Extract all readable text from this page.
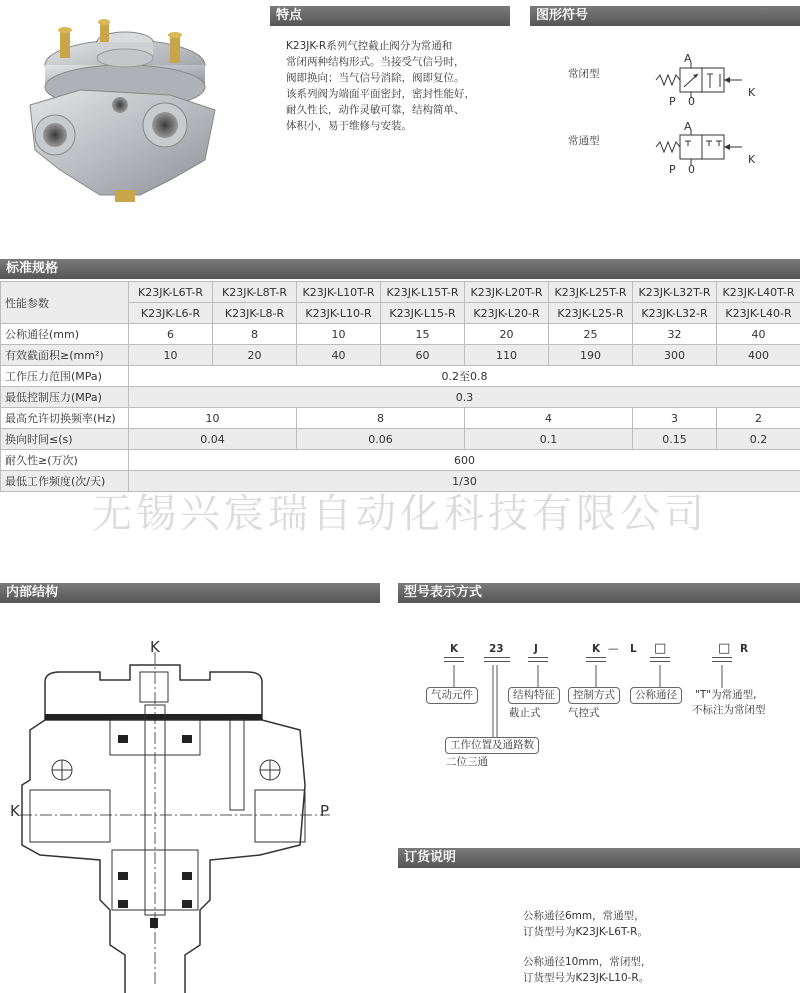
特点
K23JK-R系列气控截止阀分为常通和
常闭两种结构形式。当接受气信号时，
阀即换向；当气信号消除，阀即复位。
该系列阀为端面平面密封，密封性能好，
耐久性长，动作灵敏可靠，结构简单、
体积小，易于维修与安装。
图形符号
常闭型
常通型
A
P 0
K
A
P 0
K
标准规格
性能参数	K23JK-L6T-R	K23JK-L8T-R	K23JK-L10T-R	K23JK-L15T-R	K23JK-L20T-R	K23JK-L25T-R	K23JK-L32T-R	K23JK-L40T-R
	K23JK-L6-R	K23JK-L8-R	K23JK-L10-R	K23JK-L15-R	K23JK-L20-R	K23JK-L25-R	K23JK-L32-R	K23JK-L40-R
公称通径(mm)	6	8	10	15	20	25	32	40
有效截面积≥(mm²)	10	20	40	60	110	190	300	400
工作压力范围(MPa)	0.2至0.8							
最低控制压力(MPa)	0.3							
最高允许切换频率(Hz)	10		8		4		3	2
换向时间≤(s)	0.04		0.06		0.1		0.15	0.2
耐久性≥(万次)	600							
最低工作频度(次/天)	1/30							
无锡兴宸瑞自动化科技有限公司
内部结构
K
K	P
型号表示方式
K	23	J	K — L □	□ R
气动元件	结构特征
截止式
控制方式
气控式
公称通径	"T"为常通型,
不标注为常闭型
工作位置及通路数
二位三通
订货说明
公称通径6mm，常通型，
订货型号为K23JK-L6T-R。
公称通径10mm，常闭型，
订货型号为K23JK-L10-R。
